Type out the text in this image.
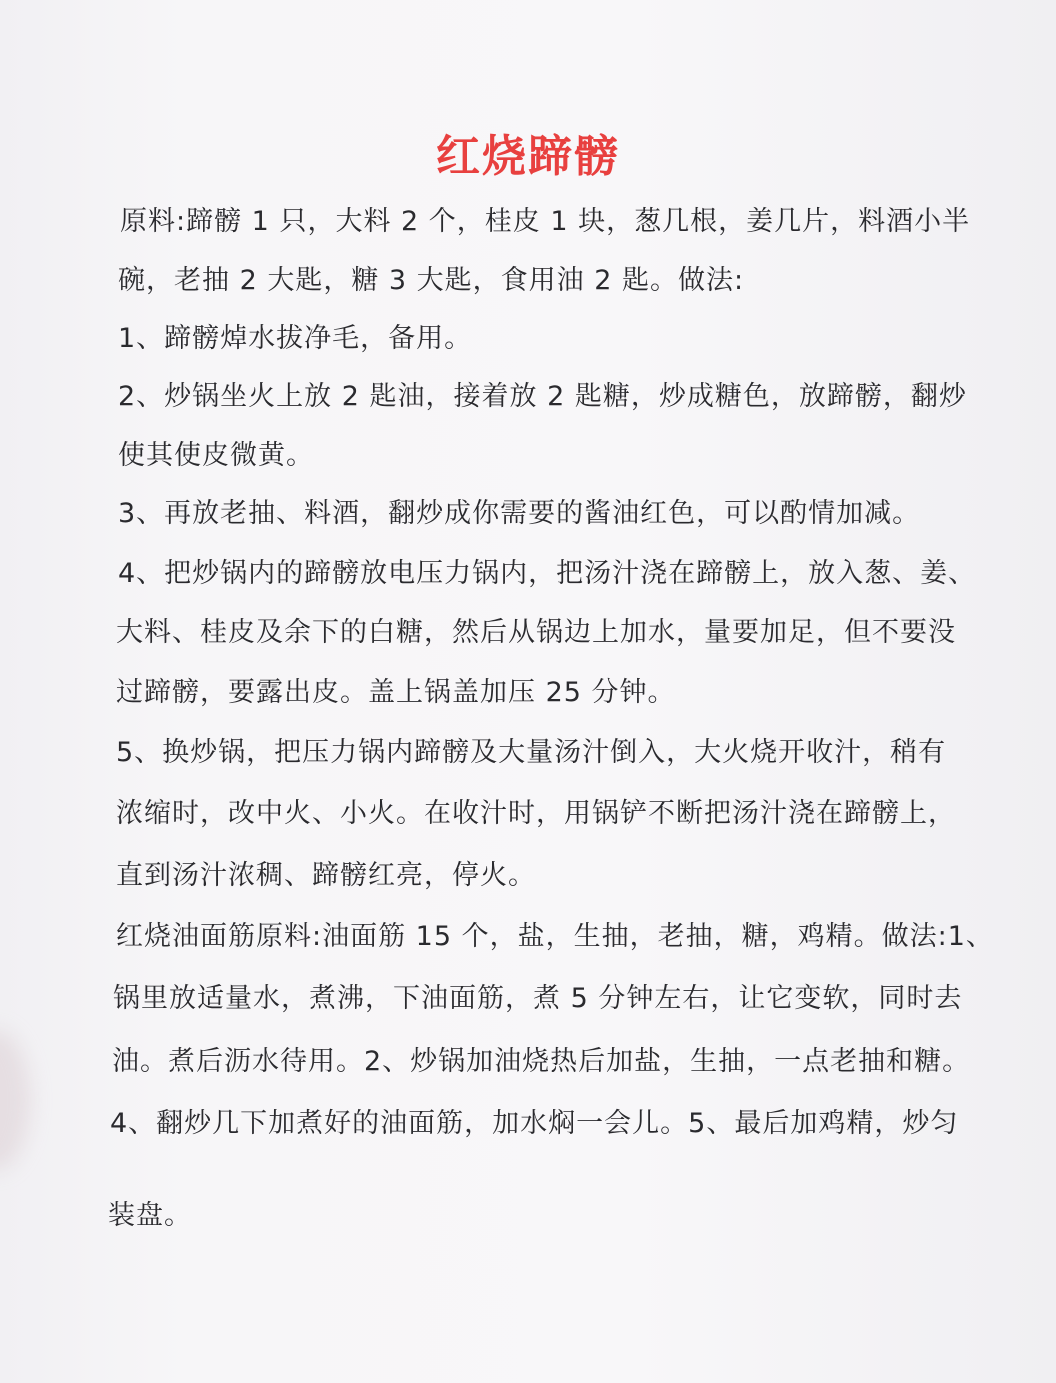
红烧蹄髈
原料:蹄髈 1 只，大料 2 个，桂皮 1 块，葱几根，姜几片，料酒小半
碗，老抽 2 大匙，糖 3 大匙，食用油 2 匙。做法:
1、蹄髈焯水拔净毛，备用。
2、炒锅坐火上放 2 匙油，接着放 2 匙糖，炒成糖色，放蹄髈，翻炒
使其使皮微黄。
3、再放老抽、料酒，翻炒成你需要的酱油红色，可以酌情加减。
4、把炒锅内的蹄髈放电压力锅内，把汤汁浇在蹄髈上，放入葱、姜、
大料、桂皮及余下的白糖，然后从锅边上加水，量要加足，但不要没
过蹄髈，要露出皮。盖上锅盖加压 25 分钟。
5、换炒锅，把压力锅内蹄髈及大量汤汁倒入，大火烧开收汁，稍有
浓缩时，改中火、小火。在收汁时，用锅铲不断把汤汁浇在蹄髈上，
直到汤汁浓稠、蹄髈红亮，停火。
红烧油面筋原料:油面筋 15 个，盐，生抽，老抽，糖，鸡精。做法:1、
锅里放适量水，煮沸，下油面筋，煮 5 分钟左右，让它变软，同时去
油。煮后沥水待用。2、炒锅加油烧热后加盐，生抽，一点老抽和糖。
4、翻炒几下加煮好的油面筋，加水焖一会儿。5、最后加鸡精，炒匀
装盘。
